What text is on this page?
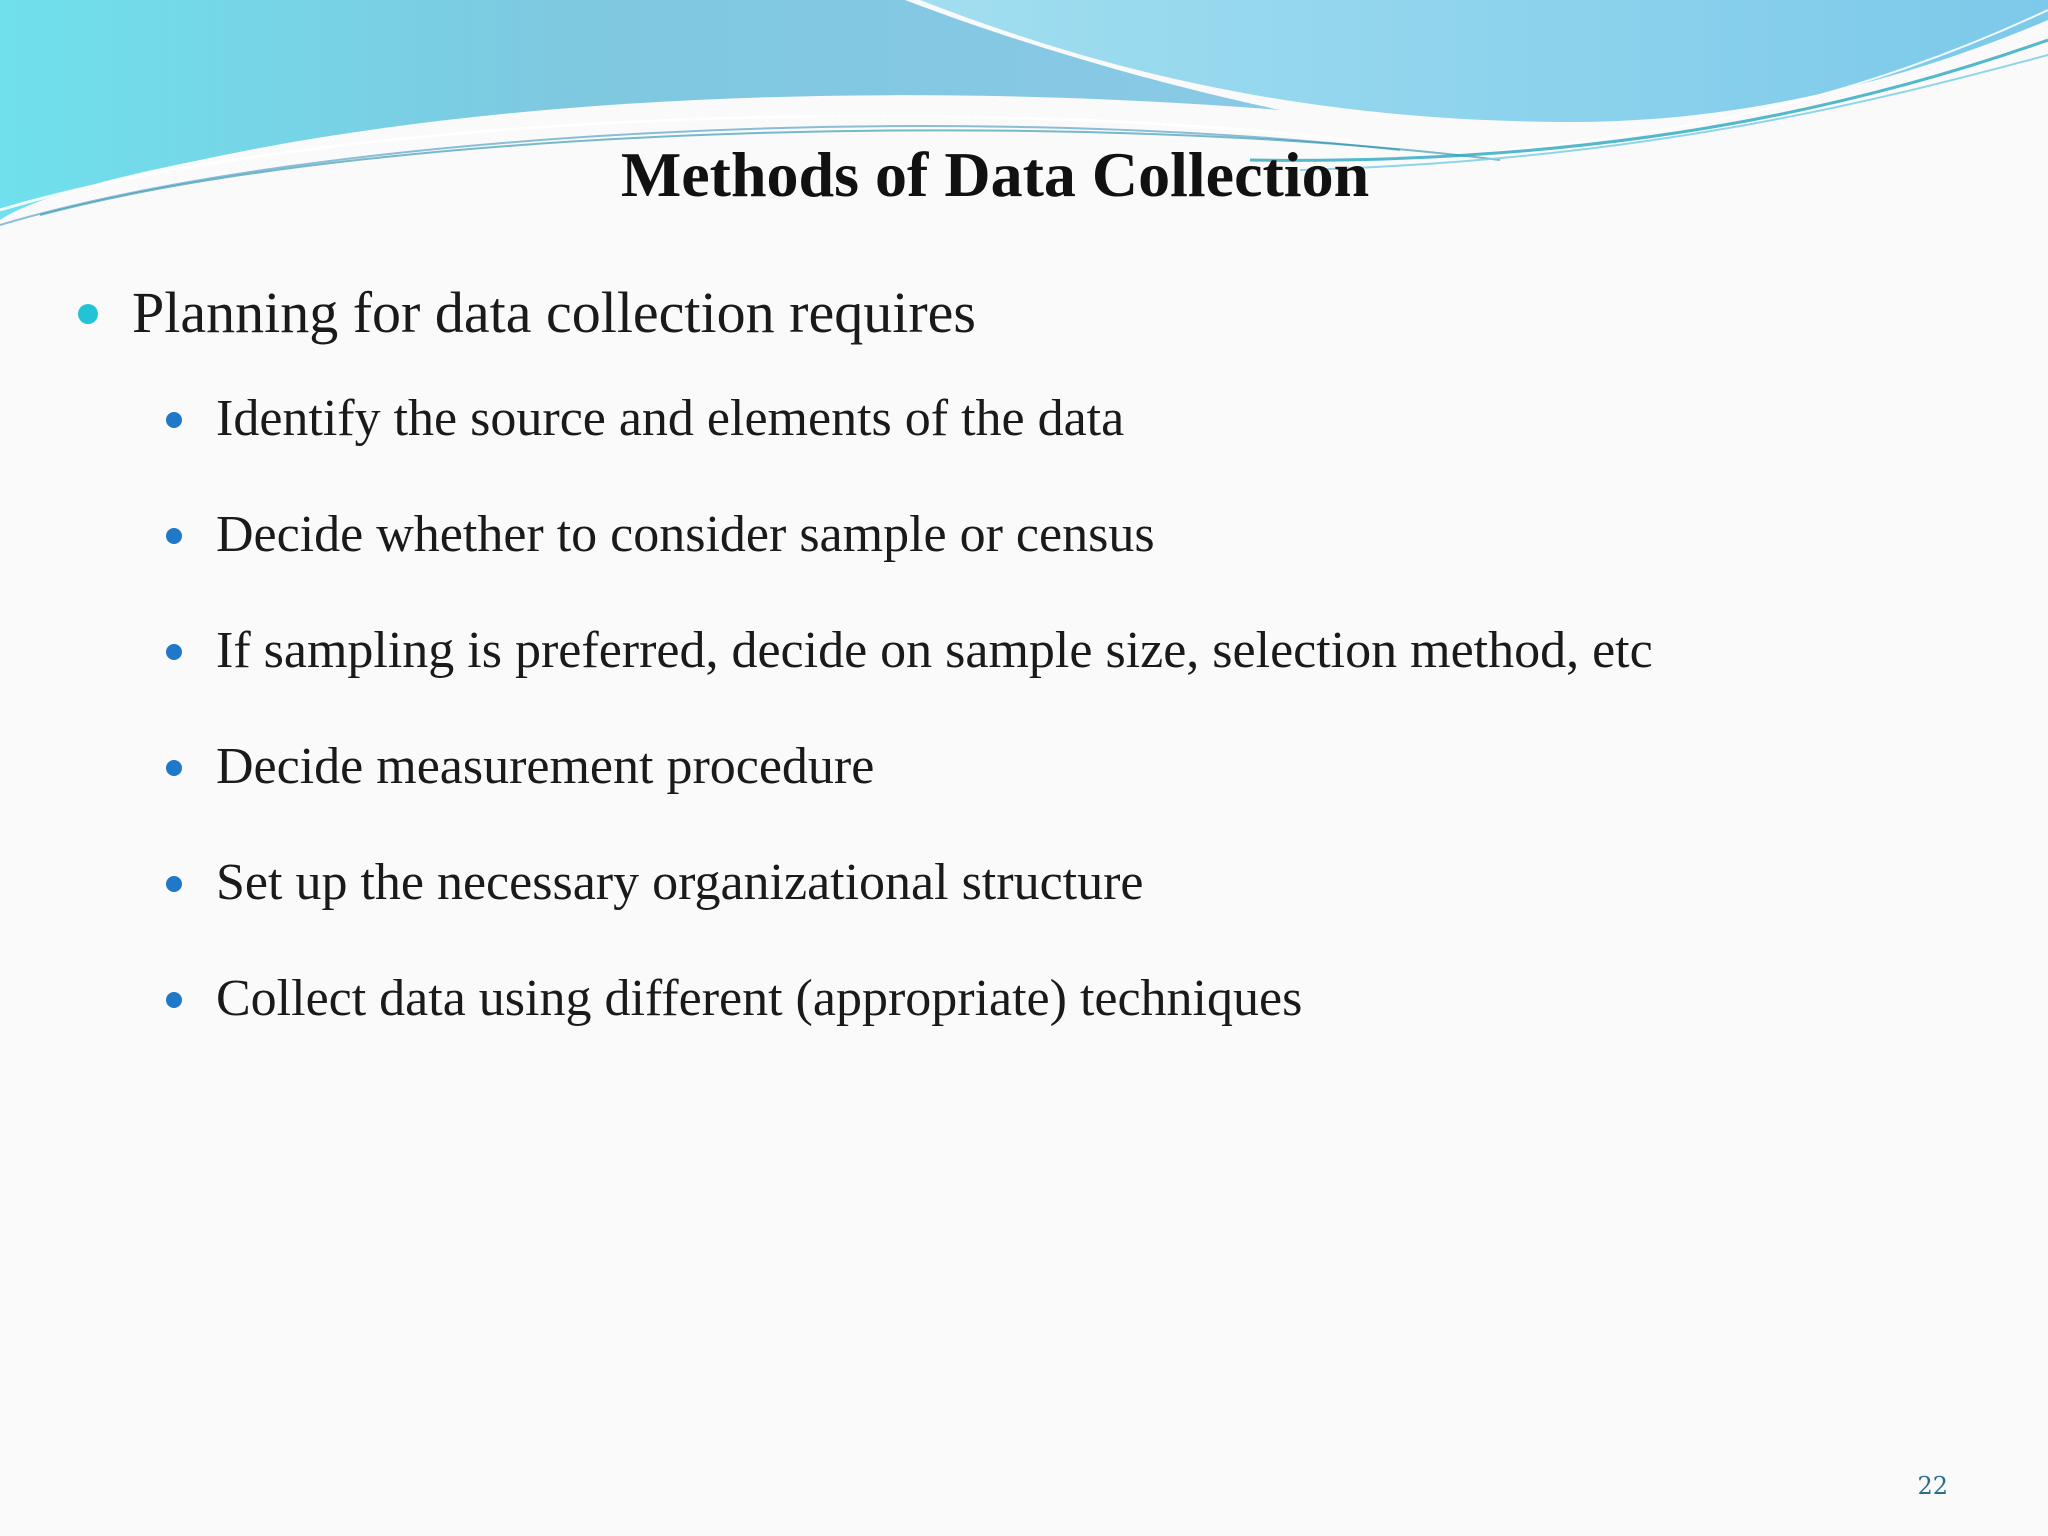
Methods of Data Collection
Planning for data collection requires
Identify the source and elements of the data
Decide whether to consider sample or census
If sampling is preferred, decide on sample size, selection method, etc
Decide measurement procedure
Set up the necessary organizational structure
Collect data using different (appropriate) techniques
22
